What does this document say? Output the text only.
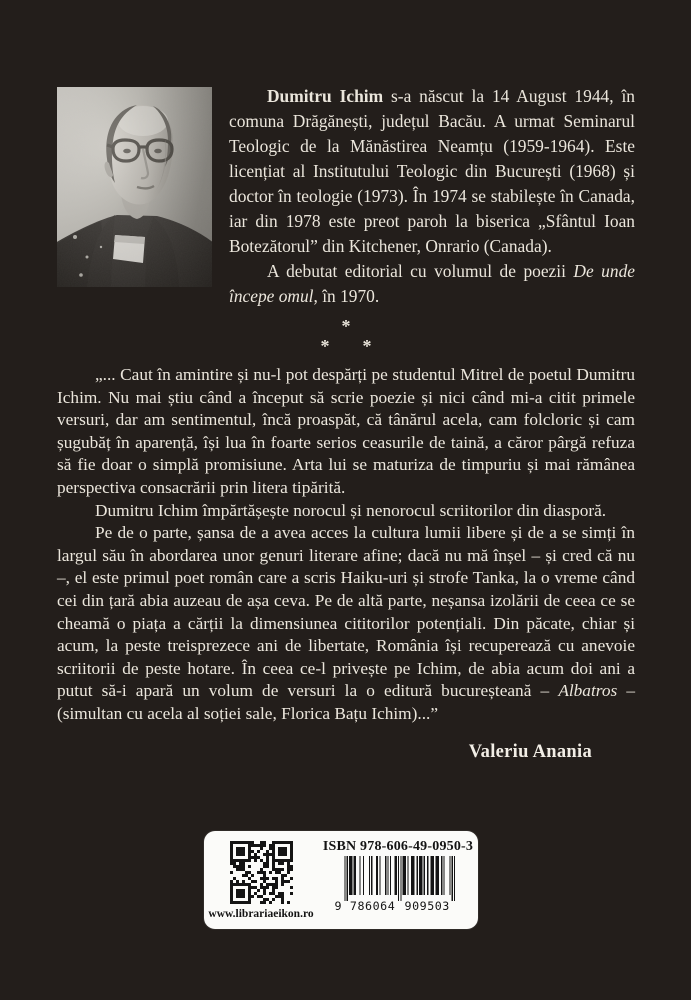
Dumitru Ichim s-a născut la 14 August 1944, în comuna Drăgănești, județul Bacău. A urmat Seminarul Teologic de la Mănăstirea Neamțu (1959-1964). Este licențiat al Institutului Teologic din București (1968) și doctor în teologie (1973). În 1974 se stabilește în Canada, iar din 1978 este preot paroh la biserica „Sfântul Ioan Botezătorul” din Kitchener, Onrario (Canada).

A debutat editorial cu volumul de poezii De unde începe omul, în 1970.

*
* *

„... Caut în amintire și nu-l pot despărți pe studentul Mitrel de poetul Dumitru Ichim. Nu mai știu când a început să scrie poezie și nici când mi-a citit primele versuri, dar am sentimentul, încă proaspăt, că tânărul acela, cam folcloric și cam șugubăț în aparență, își lua în foarte serios ceasurile de taină, a căror pârgă refuza să fie doar o simplă promisiune. Arta lui se maturiza de timpuriu și mai rămânea perspectiva consacrării prin litera tipărită.

Dumitru Ichim împărtășește norocul și nenorocul scriitorilor din diasporă.

Pe de o parte, șansa de a avea acces la cultura lumii libere și de a se simți în largul său în abordarea unor genuri literare afine; dacă nu mă înșel – și cred că nu –, el este primul poet român care a scris Haiku-uri și strofe Tanka, la o vreme când cei din țară abia auzeau de așa ceva. Pe de altă parte, neșansa izolării de ceea ce se cheamă o piața a cărții la dimensiunea cititorilor potențiali. Din păcate, chiar și acum, la peste treisprezece ani de libertate, România își recuperează cu anevoie scriitorii de peste hotare. În ceea ce-l privește pe Ichim, de abia acum doi ani a putut să-i apară un volum de versuri la o editură bucureșteană – Albatros – (simultan cu acela al soției sale, Florica Bațu Ichim)...”

Valeriu Anania
www.librariaeikon.ro
ISBN 978-606-49-0950-3
9 786064 909503
